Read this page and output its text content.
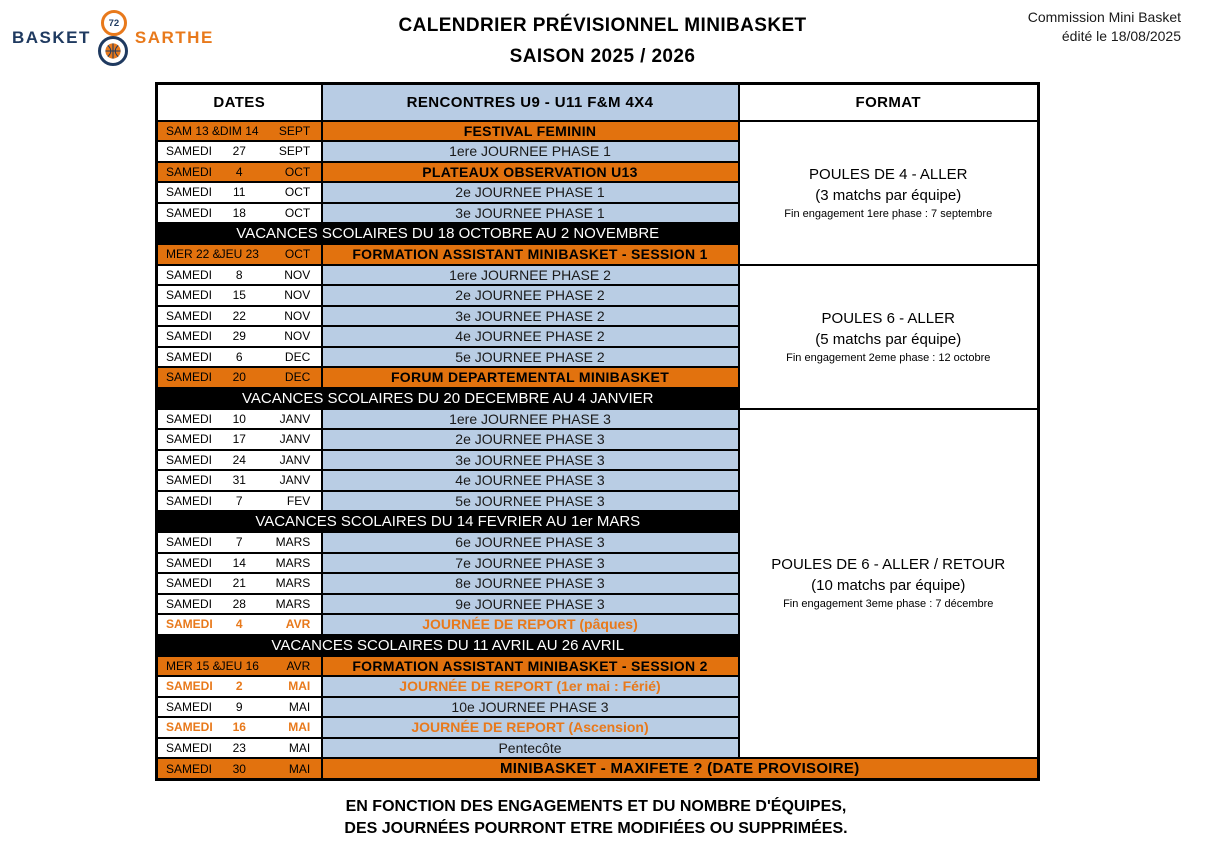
BASKET
72
SARTHE
CALENDRIER PRÉVISIONNEL MINIBASKET
SAISON 2025 / 2026
Commission Mini Basket
édité le 18/08/2025
DATES	RENCONTRES U9 - U11 F&M 4X4	FORMAT
SAM 13 &DIM 14 SEPT	FESTIVAL FEMININ	POULES DE 4 - ALLER
(3 matchs par équipe)
Fin engagement 1ere phase : 7 septembre

SAMEDI 27 SEPT	1ere JOURNEE PHASE 1	
SAMEDI 4 OCT	PLATEAUX OBSERVATION U13	
SAMEDI 11 OCT	2e JOURNEE PHASE 1	
SAMEDI 18 OCT	3e JOURNEE PHASE 1	
VACANCES SCOLAIRES DU 18 OCTOBRE AU 2 NOVEMBRE		
MER 22 &JEU 23 OCT	FORMATION ASSISTANT MINIBASKET - SESSION 1	
SAMEDI 8 NOV	1ere JOURNEE PHASE 2	POULES 6 - ALLER
(5 matchs par équipe)
Fin engagement 2eme phase : 12 octobre

SAMEDI 15 NOV	2e JOURNEE PHASE 2	
SAMEDI 22 NOV	3e JOURNEE PHASE 2	
SAMEDI 29 NOV	4e JOURNEE PHASE 2	
SAMEDI 6 DEC	5e JOURNEE PHASE 2	
SAMEDI 20 DEC	FORUM DEPARTEMENTAL MINIBASKET	
VACANCES SCOLAIRES DU 20 DECEMBRE AU 4 JANVIER		
SAMEDI 10 JANV	1ere JOURNEE PHASE 3	POULES DE 6 - ALLER / RETOUR
(10 matchs par équipe)
Fin engagement 3eme phase : 7 décembre

SAMEDI 17 JANV	2e JOURNEE PHASE 3	
SAMEDI 24 JANV	3e JOURNEE PHASE 3	
SAMEDI 31 JANV	4e JOURNEE PHASE 3	
SAMEDI 7 FEV	5e JOURNEE PHASE 3	
VACANCES SCOLAIRES DU 14 FEVRIER AU 1er MARS		
SAMEDI 7 MARS	6e JOURNEE PHASE 3	
SAMEDI 14 MARS	7e JOURNEE PHASE 3	
SAMEDI 21 MARS	8e JOURNEE PHASE 3	
SAMEDI 28 MARS	9e JOURNEE PHASE 3	
SAMEDI 4 AVR	JOURNÉE DE REPORT (pâques)	
VACANCES SCOLAIRES DU 11 AVRIL AU 26 AVRIL		
MER 15 &JEU 16 AVR	FORMATION ASSISTANT MINIBASKET - SESSION 2	
SAMEDI 2 MAI	JOURNÉE DE REPORT (1er mai : Férié)	
SAMEDI 9 MAI	10e JOURNEE PHASE 3	
SAMEDI 16 MAI	JOURNÉE DE REPORT (Ascension)	
SAMEDI 23 MAI	Pentecôte	
SAMEDI 30 MAI	MINIBASKET - MAXIFETE ? (DATE PROVISOIRE)	
EN FONCTION DES ENGAGEMENTS ET DU NOMBRE D'ÉQUIPES,
DES JOURNÉES POURRONT ETRE MODIFIÉES OU SUPPRIMÉES.
